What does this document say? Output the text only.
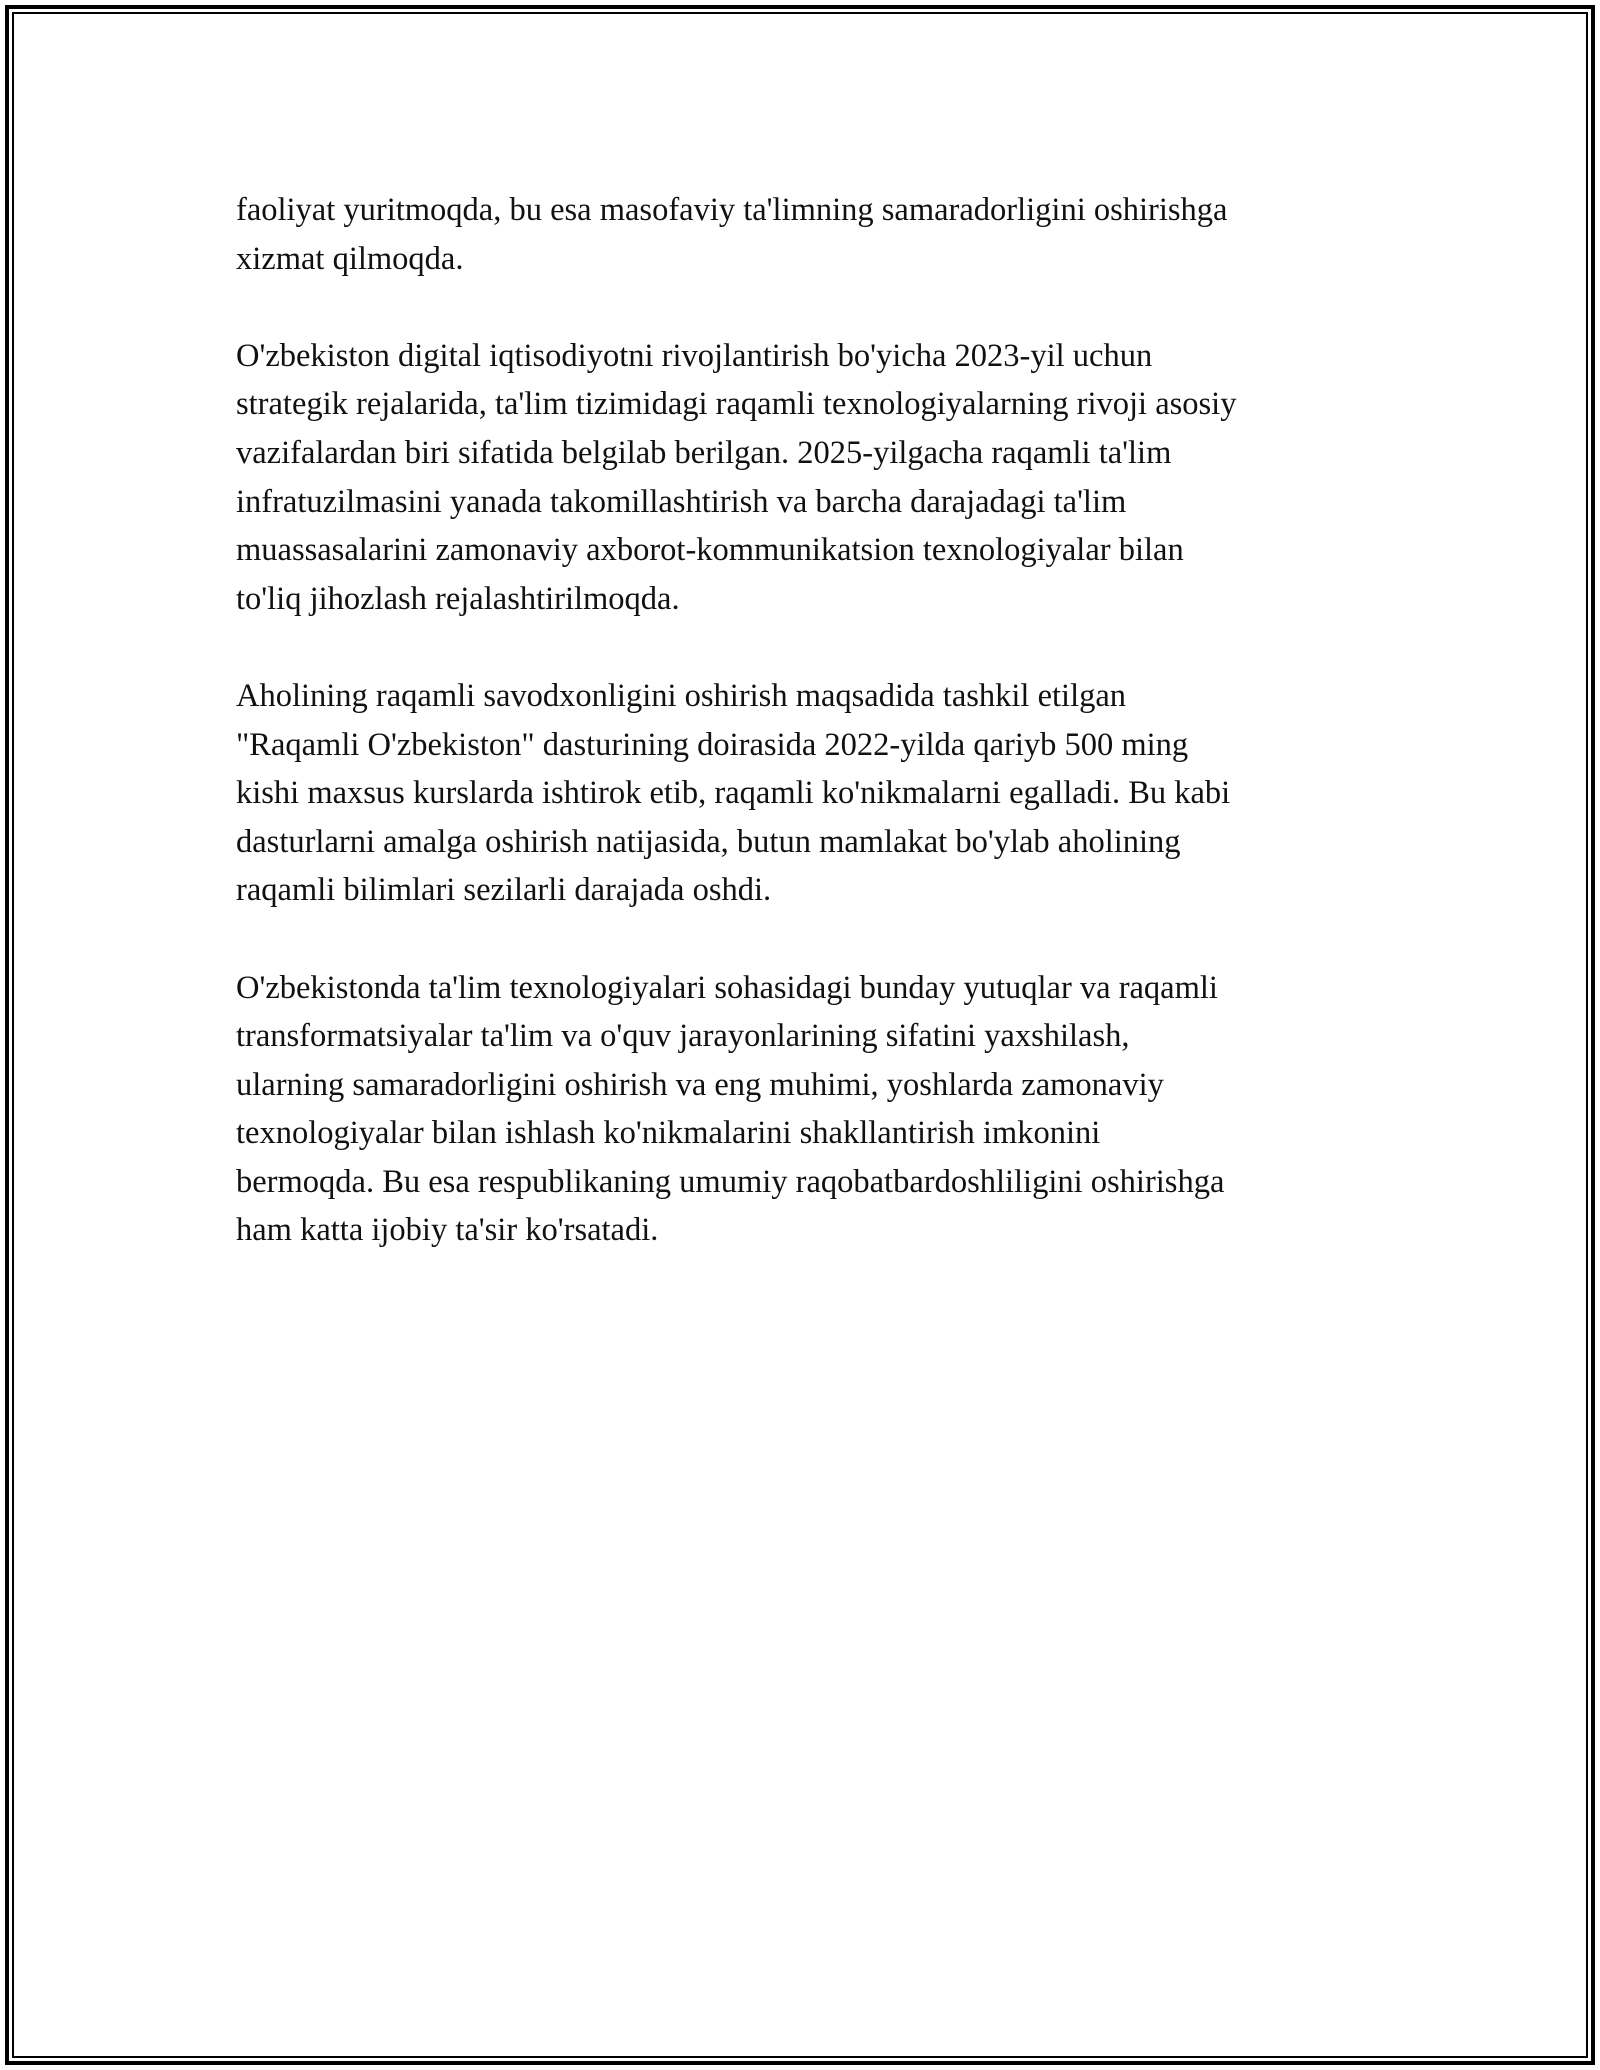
faoliyat yuritmoqda, bu esa masofaviy ta'limning samaradorligini oshirishga
xizmat qilmoqda.

O'zbekiston digital iqtisodiyotni rivojlantirish bo'yicha 2023-yil uchun
strategik rejalarida, ta'lim tizimidagi raqamli texnologiyalarning rivoji asosiy
vazifalardan biri sifatida belgilab berilgan. 2025-yilgacha raqamli ta'lim
infratuzilmasini yanada takomillashtirish va barcha darajadagi ta'lim
muassasalarini zamonaviy axborot-kommunikatsion texnologiyalar bilan
to'liq jihozlash rejalashtirilmoqda.

Aholining raqamli savodxonligini oshirish maqsadida tashkil etilgan
"Raqamli O'zbekiston" dasturining doirasida 2022-yilda qariyb 500 ming
kishi maxsus kurslarda ishtirok etib, raqamli ko'nikmalarni egalladi. Bu kabi
dasturlarni amalga oshirish natijasida, butun mamlakat bo'ylab aholining
raqamli bilimlari sezilarli darajada oshdi.

O'zbekistonda ta'lim texnologiyalari sohasidagi bunday yutuqlar va raqamli
transformatsiyalar ta'lim va o'quv jarayonlarining sifatini yaxshilash,
ularning samaradorligini oshirish va eng muhimi, yoshlarda zamonaviy
texnologiyalar bilan ishlash ko'nikmalarini shakllantirish imkonini
bermoqda. Bu esa respublikaning umumiy raqobatbardoshliligini oshirishga
ham katta ijobiy ta'sir ko'rsatadi.
